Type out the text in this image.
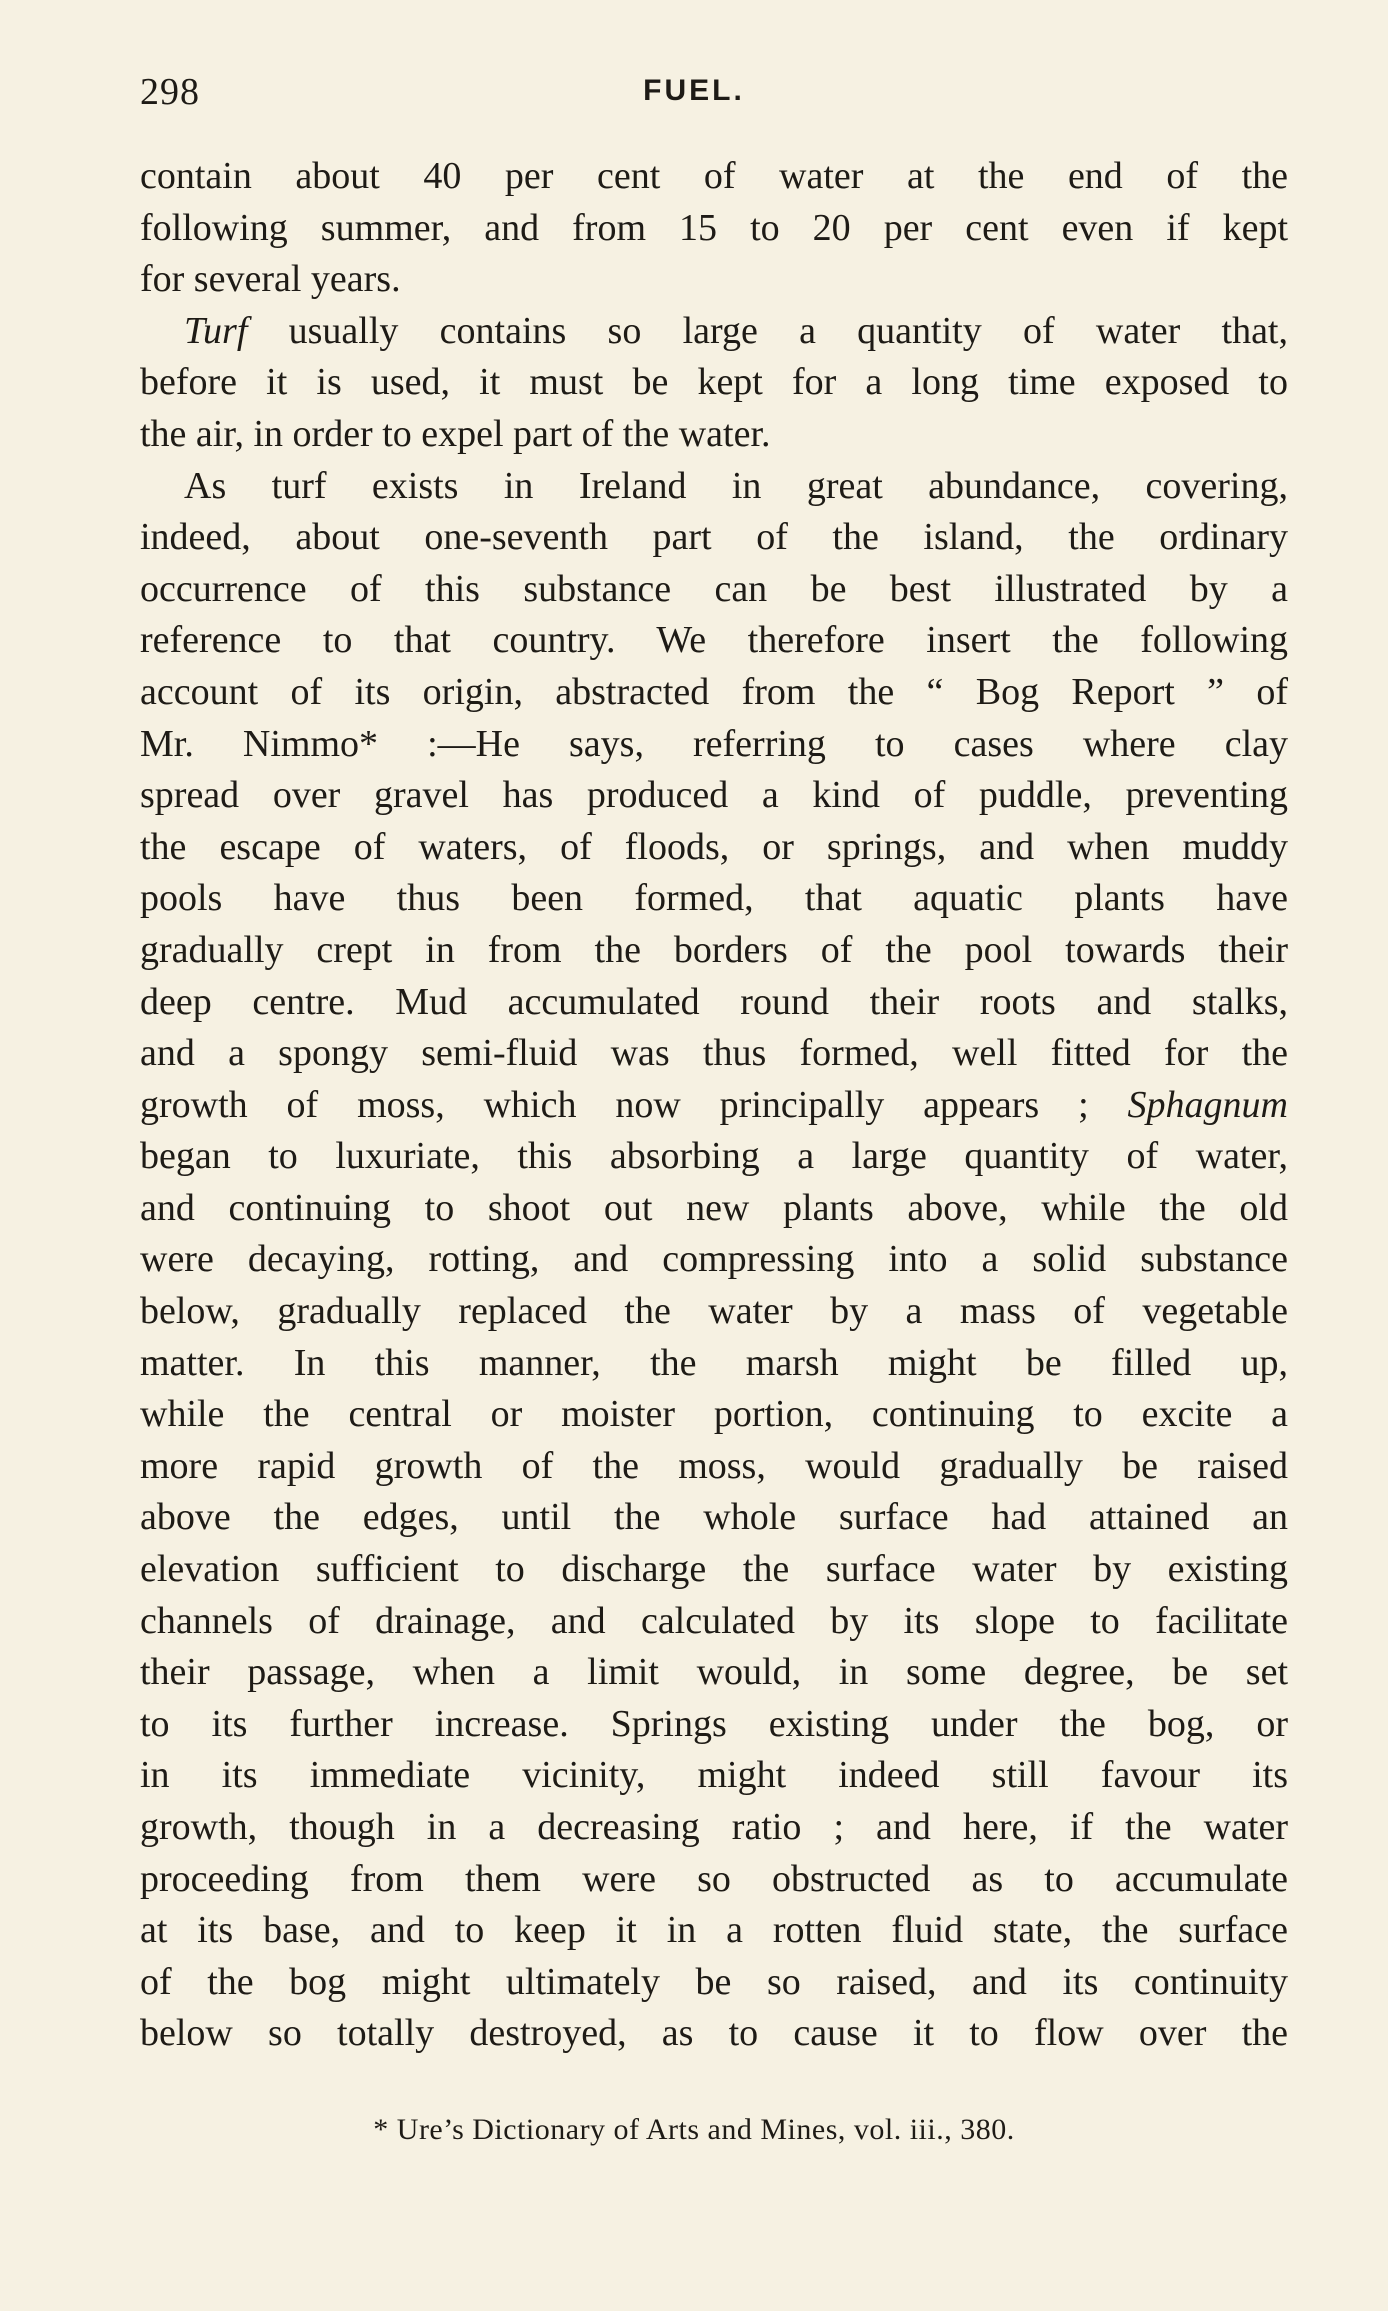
298	FUEL.
contain about 40 per cent of water at the end of the
following summer, and from 15 to 20 per cent even if kept
for several years.
Turf usually contains so large a quantity of water that,
before it is used, it must be kept for a long time exposed to
the air, in order to expel part of the water.
As turf exists in Ireland in great abundance, covering,
indeed, about one-seventh part of the island, the ordinary
occurrence of this substance can be best illustrated by a
reference to that country. We therefore insert the following
account of its origin, abstracted from the “ Bog Report ” of
Mr. Nimmo* :—He says, referring to cases where clay
spread over gravel has produced a kind of puddle, preventing
the escape of waters, of floods, or springs, and when muddy
pools have thus been formed, that aquatic plants have
gradually crept in from the borders of the pool towards their
deep centre. Mud accumulated round their roots and stalks,
and a spongy semi-fluid was thus formed, well fitted for the
growth of moss, which now principally appears ; Sphagnum
began to luxuriate, this absorbing a large quantity of water,
and continuing to shoot out new plants above, while the old
were decaying, rotting, and compressing into a solid substance
below, gradually replaced the water by a mass of vegetable
matter. In this manner, the marsh might be filled up,
while the central or moister portion, continuing to excite a
more rapid growth of the moss, would gradually be raised
above the edges, until the whole surface had attained an
elevation sufficient to discharge the surface water by existing
channels of drainage, and calculated by its slope to facilitate
their passage, when a limit would, in some degree, be set
to its further increase. Springs existing under the bog, or
in its immediate vicinity, might indeed still favour its
growth, though in a decreasing ratio ; and here, if the water
proceeding from them were so obstructed as to accumulate
at its base, and to keep it in a rotten fluid state, the surface
of the bog might ultimately be so raised, and its continuity
below so totally destroyed, as to cause it to flow over the
* Ure’s Dictionary of Arts and Mines, vol. iii., 380.
